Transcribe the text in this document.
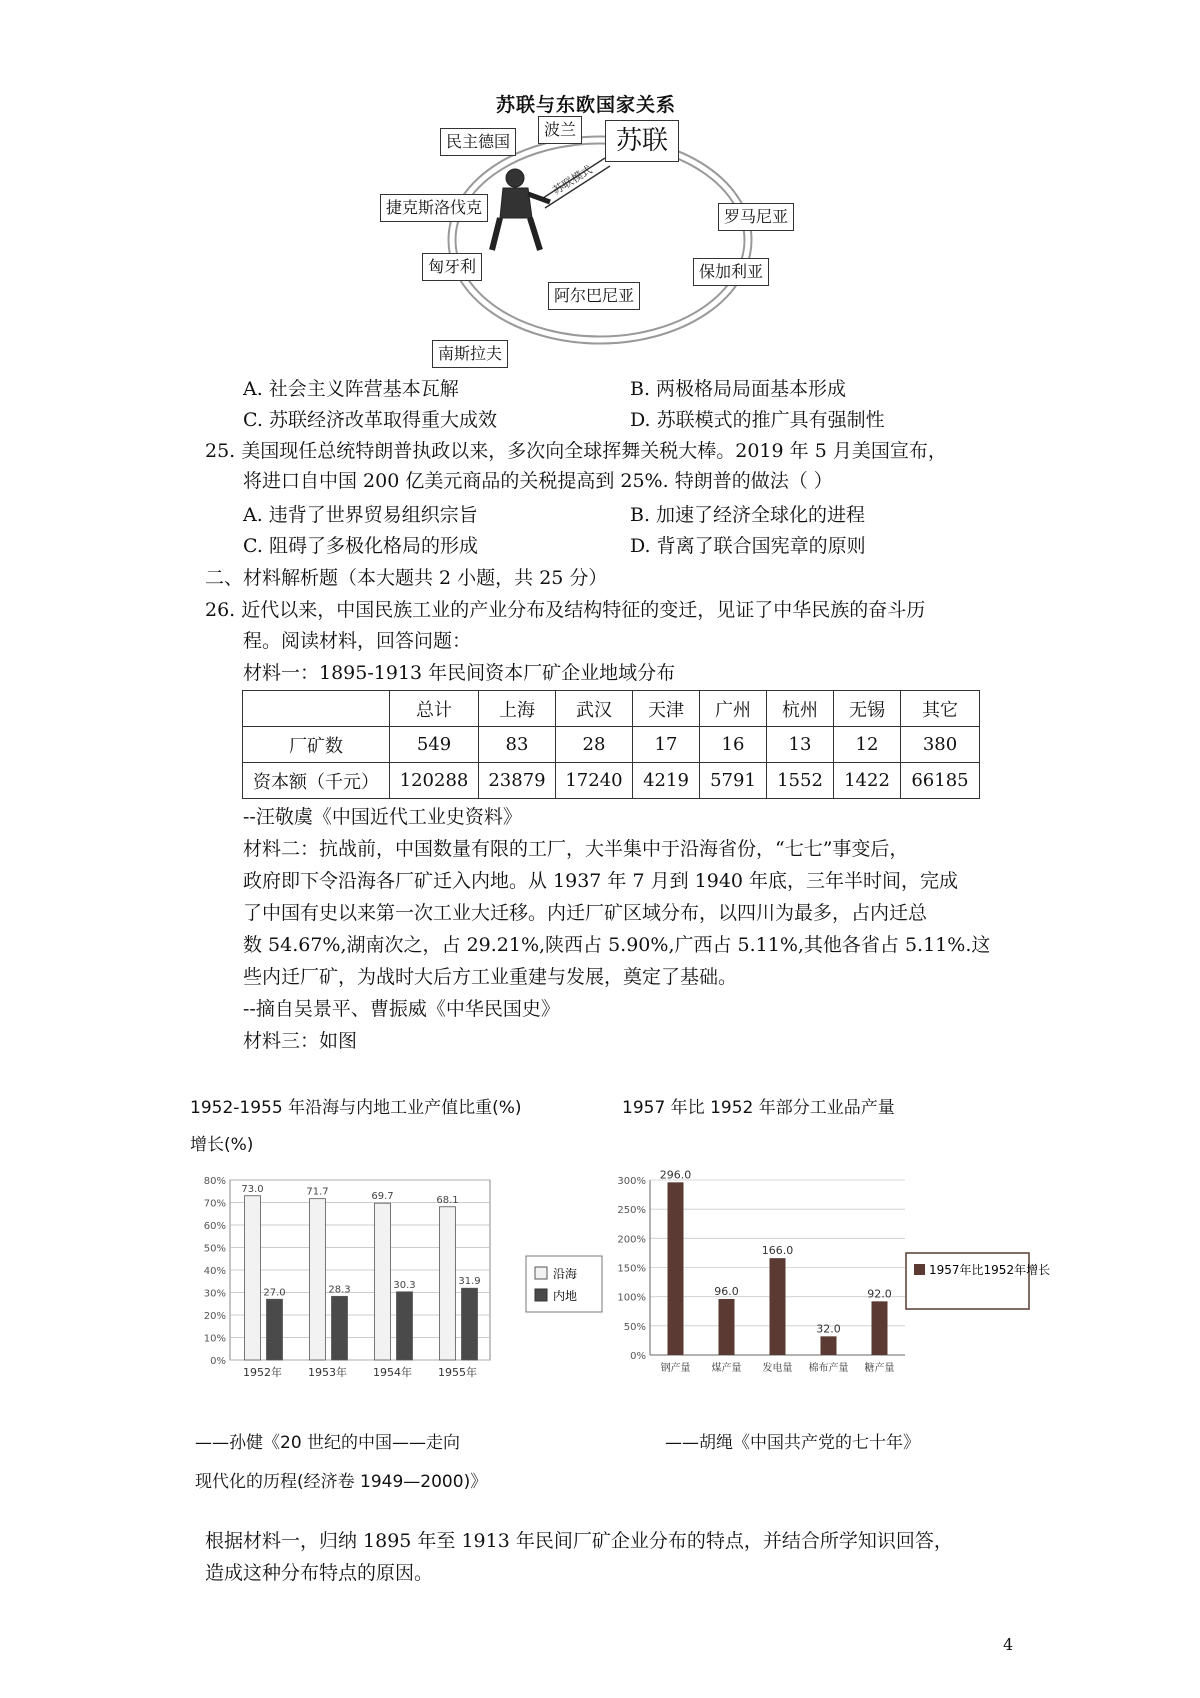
苏联与东欧国家关系
苏联模式
民主德国
波兰	苏联
捷克斯洛伐克	罗马尼亚
匈牙利	保加利亚
阿尔巴尼亚
南斯拉夫
A. 社会主义阵营基本瓦解	B. 两极格局局面基本形成
C. 苏联经济改革取得重大成效	D. 苏联模式的推广具有强制性
25. 美国现任总统特朗普执政以来，多次向全球挥舞关税大棒。2019 年 5 月美国宣布，
将进口自中国 200 亿美元商品的关税提高到 25%. 特朗普的做法（ ）
A. 违背了世界贸易组织宗旨	B. 加速了经济全球化的进程
C. 阻碍了多极化格局的形成	D. 背离了联合国宪章的原则
二、材料解析题（本大题共 2 小题，共 25 分）
26. 近代以来，中国民族工业的产业分布及结构特征的变迁，见证了中华民族的奋斗历
程。阅读材料，回答问题：
材料一：1895-1913 年民间资本厂矿企业地域分布
	总计	上海	武汉	天津	广州	杭州	无锡	其它
厂矿数	549	83	28	17	16	13	12	380
资本额（千元）	120288	23879	17240	4219	5791	1552	1422	66185
--汪敬虞《中国近代工业史资料》
材料二：抗战前，中国数量有限的工厂，大半集中于沿海省份，“七七”事变后，
政府即下令沿海各厂矿迁入内地。从 1937 年 7 月到 1940 年底，三年半时间，完成
了中国有史以来第一次工业大迁移。内迁厂矿区域分布，以四川为最多，占内迁总
数 54.67%,湖南次之，占 29.21%,陕西占 5.90%,广西占 5.11%,其他各省占 5.11%.这
些内迁厂矿，为战时大后方工业重建与发展，奠定了基础。
--摘自吴景平、曹振威《中华民国史》
材料三：如图
1952-1955 年沿海与内地工业产值比重(%)
增长(%)
0%
10%
20%
30%
40%
50%
60%
70%
80%
73.0
27.0
1952年
71.7
28.3
1953年
69.7
30.3
1954年
68.1
31.9
1955年
沿海
内地
——孙健《20 世纪的中国——走向
现代化的历程(经济卷 1949—2000)》
1957 年比 1952 年部分工业品产量
0%
50%
100%
150%
200%
250%
300%
296.0
钢产量
96.0
煤产量
166.0
发电量
32.0
棉布产量
92.0
糖产量
1957年比1952年增长
——胡绳《中国共产党的七十年》
根据材料一，归纳 1895 年至 1913 年民间厂矿企业分布的特点，并结合所学知识回答，
造成这种分布特点的原因。
4
